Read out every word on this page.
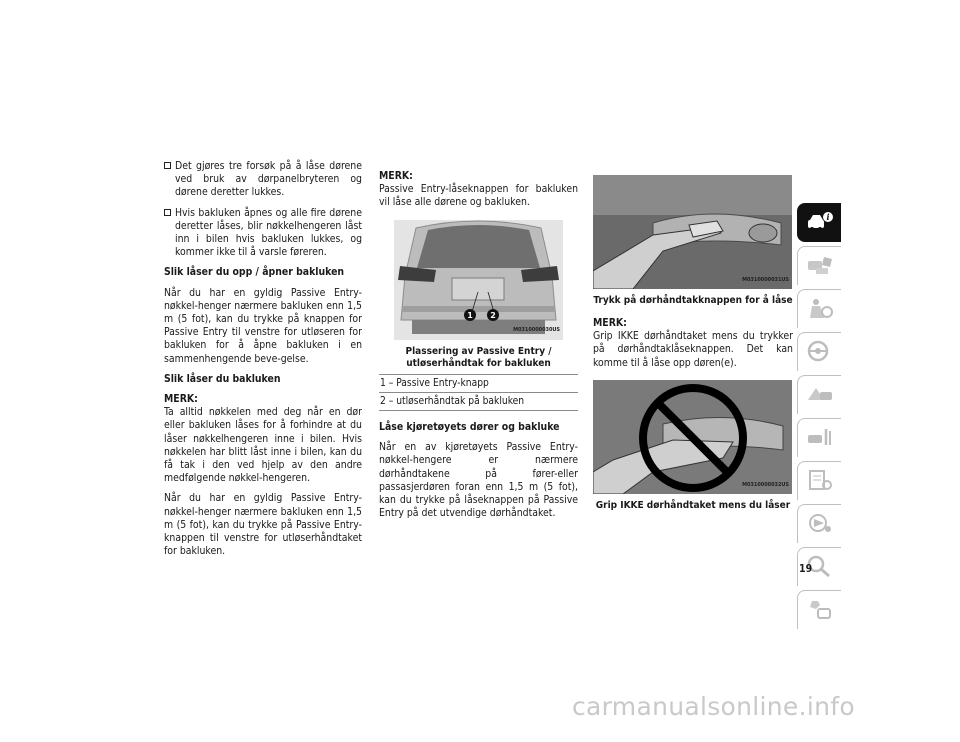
Det gjøres tre forsøk på å låse dørene ved bruk av dørpanelbryteren og dørene deretter lukkes.
Hvis bakluken åpnes og alle fire dørene deretter låses, blir nøkkelhengeren låst inn i bilen hvis bakluken lukkes, og kommer ikke til å varsle føreren.
Slik låser du opp / åpner bakluken

Når du har en gyldig Passive Entry-nøkkel-henger nærmere bakluken enn 1,5 m (5 fot), kan du trykke på knappen for Passive Entry til venstre for utløseren for bakluken for å åpne bakluken i en sammenhengende beve-gelse.

Slik låser du bakluken

MERK:
Ta alltid nøkkelen med deg når en dør eller bakluken låses for å forhindre at du låser nøkkelhengeren inne i bilen. Hvis nøkkelen har blitt låst inne i bilen, kan du få tak i den ved hjelp av den andre medfølgende nøkkel-hengeren.

Når du har en gyldig Passive Entry-nøkkel-henger nærmere bakluken enn 1,5 m (5 fot), kan du trykke på Passive Entry-knappen til venstre for utløserhåndtaket for bakluken.

MERK:
Passive Entry-låseknappen for bakluken vil låse alle dørene og bakluken.

1 2
M0310000030US
Plassering av Passive Entry / utløserhåndtak for bakluken
1 – Passive Entry-knapp
2 – utløserhåndtak på bakluken
Låse kjøretøyets dører og bakluke

Når en av kjøretøyets Passive Entry-nøkkel-hengere er nærmere dørhåndtakene på fører-eller passasjerdøren foran enn 1,5 m (5 fot), kan du trykke på låseknappen på Passive Entry på det utvendige dørhåndtaket.

M0310000031US
Trykk på dørhåndtakknappen for å låse

MERK:
Grip IKKE dørhåndtaket mens du trykker på dørhåndtaklåseknappen. Det kan komme til å låse opp døren(e).

M0310000032US
Grip IKKE dørhåndtaket mens du låser
i
19
carmanualsonline.info
